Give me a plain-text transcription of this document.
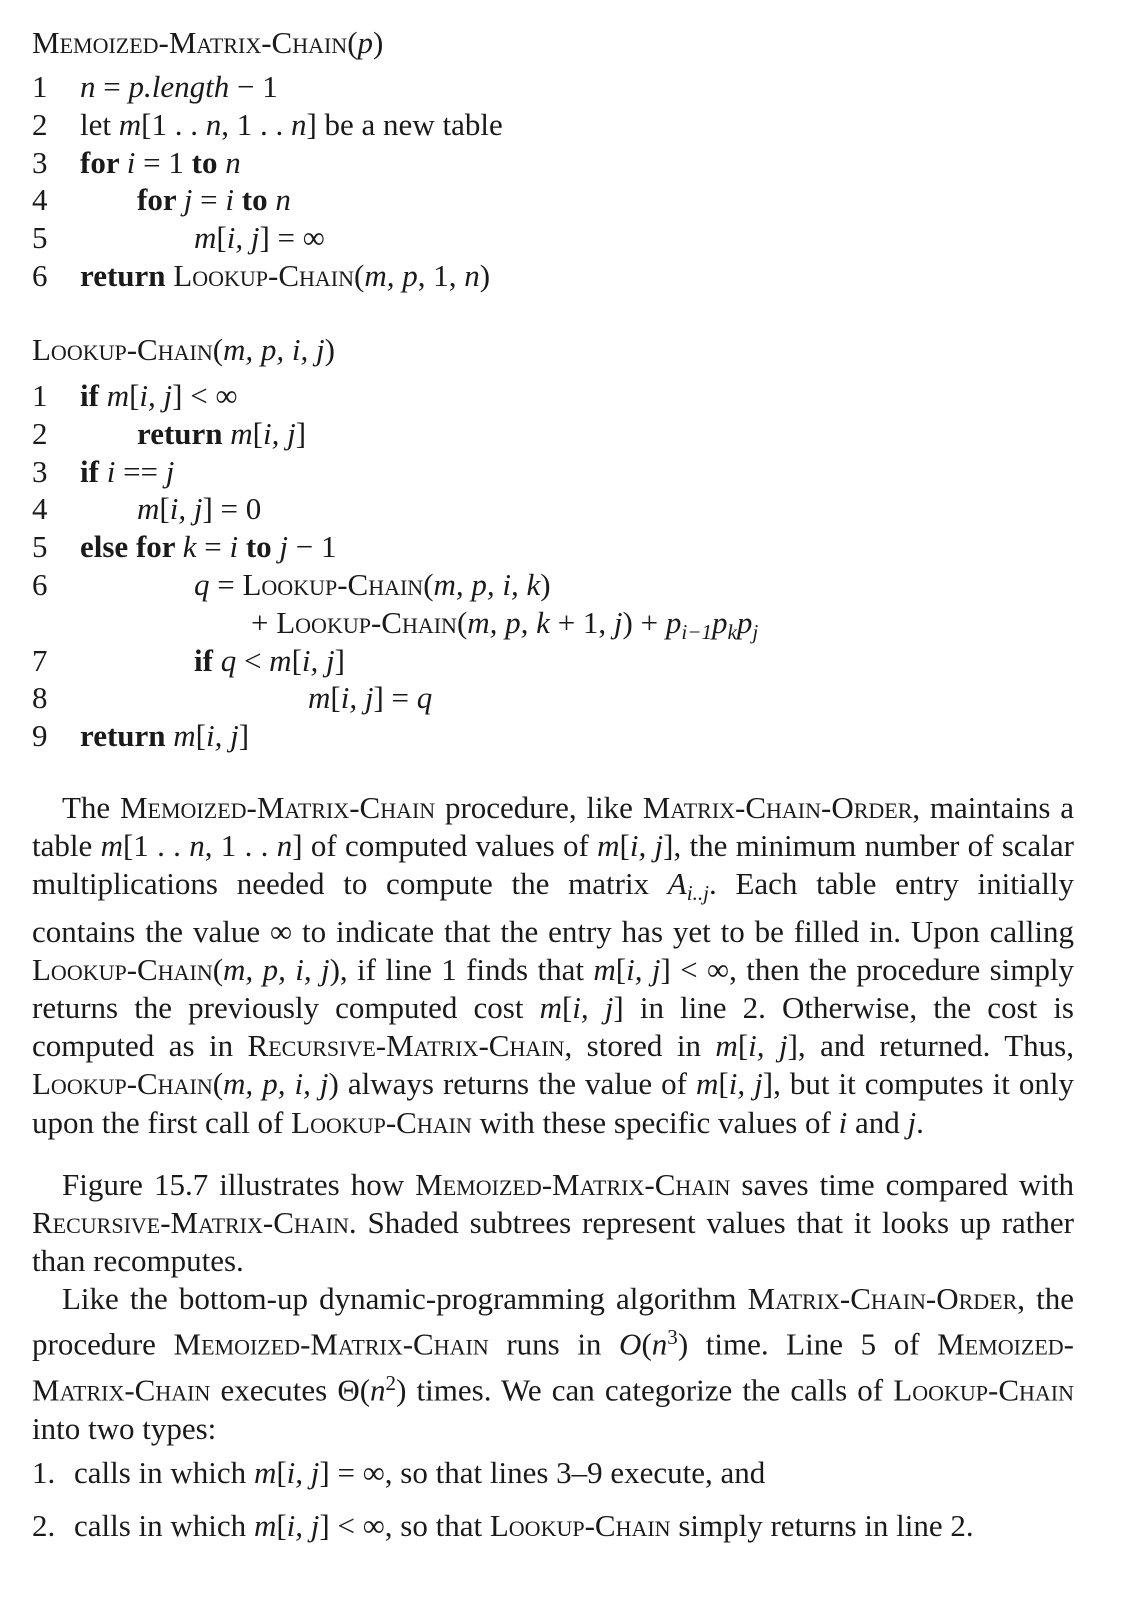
Memoized-Matrix-Chain(p)
1	n = p.length − 1
2	let m[1 . . n, 1 . . n] be a new table
3	for i = 1 to n
4	for j = i to n
5	m[i, j] = ∞
6	return Lookup-Chain(m, p, 1, n)
Lookup-Chain(m, p, i, j)
1	if m[i, j] < ∞
2	return m[i, j]
3	if i == j
4	m[i, j] = 0
5	else for k = i to j − 1
6	q = Lookup-Chain(m, p, i, k)
+ Lookup-Chain(m, p, k + 1, $j) + p_{i-1}p_kp_j$
7	if q < m[i, j]
8	m[i, j] = q
9	return m[i, j]
The Memoized-Matrix-Chain procedure, like Matrix-Chain-Order, maintains a table m[1 . . n, 1 . . n] of computed values of m[i, j], the minimum number of scalar multiplications needed to compute the matrix $A_{i..j}$. Each table entry initially contains the value ∞ to indicate that the entry has yet to be filled in. Upon calling Lookup-Chain(m, p, i, j), if line 1 finds that m[i, j] < ∞, then the procedure simply returns the previously computed cost m[i, j] in line 2. Otherwise, the cost is computed as in Recursive-Matrix-Chain, stored in m[i, j], and returned. Thus, Lookup-Chain(m, p, i, j) always returns the value of m[i, j], but it computes it only upon the first call of Lookup-Chain with these specific values of i and j.
Figure 15.7 illustrates how Memoized-Matrix-Chain saves time compared with Recursive-Matrix-Chain. Shaded subtrees represent values that it looks up rather than recomputes.
Like the bottom-up dynamic-programming algorithm Matrix-Chain-Order, the procedure Memoized-Matrix-Chain runs in $O(n^3)$ time. Line 5 of Memoized-Matrix-Chain executes $\Theta(n^2)$ times. We can categorize the calls of Lookup-Chain into two types:
1. calls in which m[i, j] = ∞, so that lines 3–9 execute, and
2. calls in which m[i, j] < ∞, so that Lookup-Chain simply returns in line 2.
